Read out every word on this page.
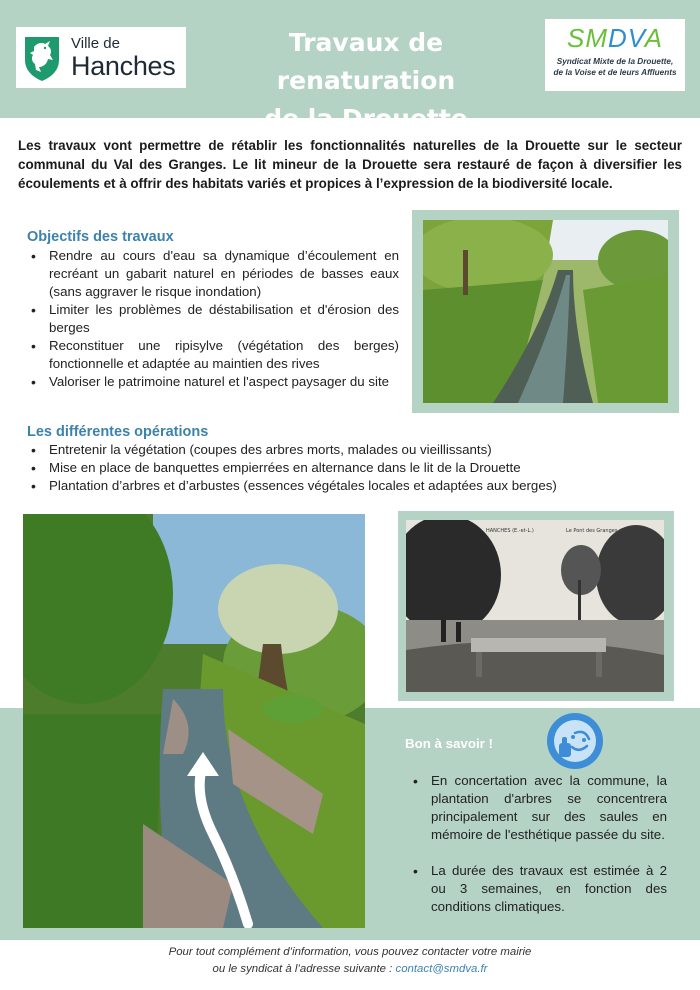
Ville de
Hanches
Travaux de renaturation
de la Drouette
SMDVA
Syndicat Mixte de la Drouette,
de la Voise et de leurs Affluents

Les travaux vont permettre de rétablir les fonctionnalités naturelles de la Drouette sur le secteur communal du Val des Granges. Le lit mineur de la Drouette sera restauré de façon à diversifier les écoulements et à offrir des habitats variés et propices à l’expression de la biodiversité locale.

Objectifs des travaux
• Rendre au cours d'eau sa dynamique d’écoulement en recréant un gabarit naturel en périodes de basses eaux (sans aggraver le risque inondation)
• Limiter les problèmes de déstabilisation et d'érosion des berges
• Reconstituer une ripisylve (végétation des berges) fonctionnelle et adaptée au maintien des rives
• Valoriser le patrimoine naturel et l'aspect paysager du site
Les différentes opérations
• Entretenir la végétation (coupes des arbres morts, malades ou vieillissants)
• Mise en place de banquettes empierrées en alternance dans le lit de la Drouette
• Plantation d’arbres et d’arbustes (essences végétales locales et adaptées aux berges)
HANCHES (E.-et-L.)	Le Pont des Granges
Bon à savoir !
• En concertation avec la commune, la plantation d'arbres se concentrera principalement sur des saules en mémoire de l'esthétique passée du site.
• La durée des travaux est estimée à 2 ou 3 semaines, en fonction des conditions climatiques.
Pour tout complément d’information, vous pouvez contacter votre mairie
ou le syndicat à l’adresse suivante : contact@smdva.fr
